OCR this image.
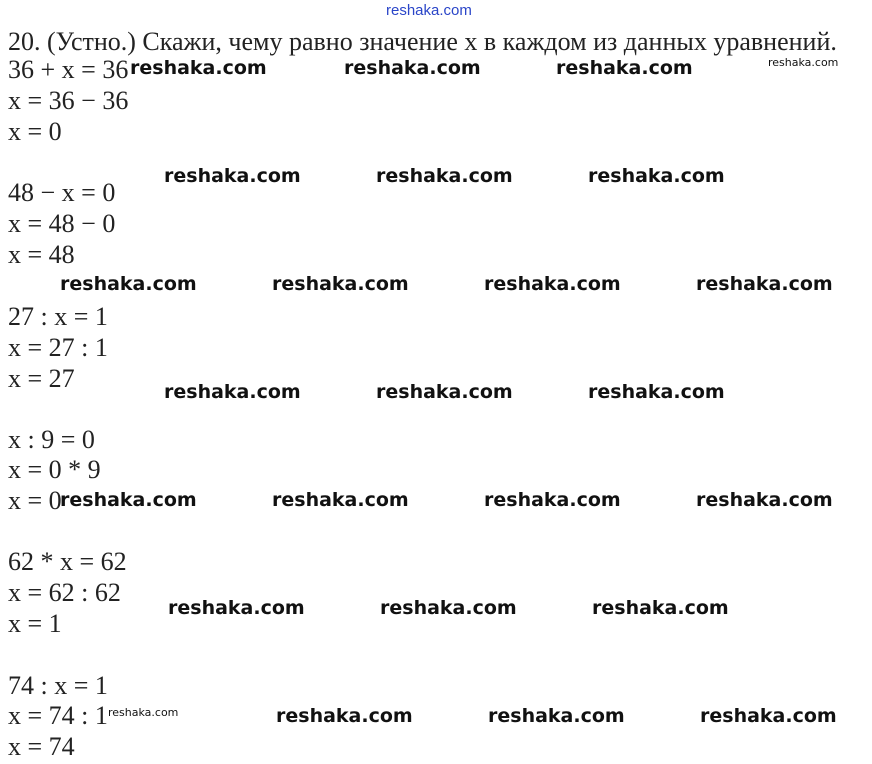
reshaka.com
20. (Устно.) Скажи, чему равно значение x в каждом из данных уравнений.
36 + x = 36
x = 36 − 36
x = 0
48 − x = 0
x = 48 − 0
x = 48
27 : x = 1
x = 27 : 1
x = 27
x : 9 = 0
x = 0 * 9
x = 0
62 * x = 62
x = 62 : 62
x = 1
74 : x = 1
x = 74 : 1
x = 74
reshaka.com	reshaka.com	reshaka.com	reshaka.com
reshaka.com	reshaka.com	reshaka.com
reshaka.com	reshaka.com	reshaka.com	reshaka.com
reshaka.com	reshaka.com	reshaka.com
reshaka.com	reshaka.com	reshaka.com	reshaka.com
reshaka.com	reshaka.com	reshaka.com
reshaka.com	reshaka.com	reshaka.com	reshaka.com
